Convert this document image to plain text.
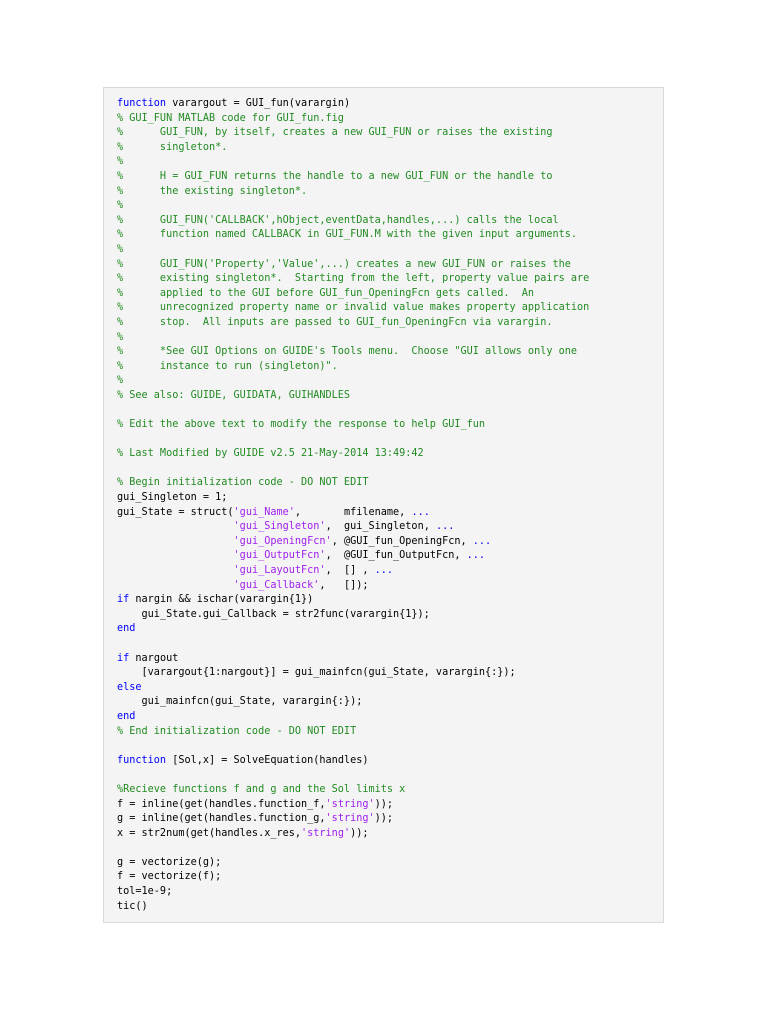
function varargout = GUI_fun(varargin)
% GUI_FUN MATLAB code for GUI_fun.fig
%      GUI_FUN, by itself, creates a new GUI_FUN or raises the existing
%      singleton*.
%
%      H = GUI_FUN returns the handle to a new GUI_FUN or the handle to
%      the existing singleton*.
%
%      GUI_FUN('CALLBACK',hObject,eventData,handles,...) calls the local
%      function named CALLBACK in GUI_FUN.M with the given input arguments.
%
%      GUI_FUN('Property','Value',...) creates a new GUI_FUN or raises the
%      existing singleton*.  Starting from the left, property value pairs are
%      applied to the GUI before GUI_fun_OpeningFcn gets called.  An
%      unrecognized property name or invalid value makes property application
%      stop.  All inputs are passed to GUI_fun_OpeningFcn via varargin.
%
%      *See GUI Options on GUIDE's Tools menu.  Choose "GUI allows only one
%      instance to run (singleton)".
%
% See also: GUIDE, GUIDATA, GUIHANDLES

% Edit the above text to modify the response to help GUI_fun

% Last Modified by GUIDE v2.5 21-May-2014 13:49:42

% Begin initialization code - DO NOT EDIT
gui_Singleton = 1;
gui_State = struct('gui_Name',       mfilename, ...
'gui_Singleton',  gui_Singleton, ...
'gui_OpeningFcn', @GUI_fun_OpeningFcn, ...
'gui_OutputFcn',  @GUI_fun_OutputFcn, ...
'gui_LayoutFcn',  [] , ...
'gui_Callback',   []);
if nargin && ischar(varargin{1})
gui_State.gui_Callback = str2func(varargin{1});
end

if nargout
[varargout{1:nargout}] = gui_mainfcn(gui_State, varargin{:});
else
gui_mainfcn(gui_State, varargin{:});
end
% End initialization code - DO NOT EDIT

function [Sol,x] = SolveEquation(handles)

%Recieve functions f and g and the Sol limits x
f = inline(get(handles.function_f,'string'));
g = inline(get(handles.function_g,'string'));
x = str2num(get(handles.x_res,'string'));

g = vectorize(g);
f = vectorize(f);
tol=1e-9;
tic()
